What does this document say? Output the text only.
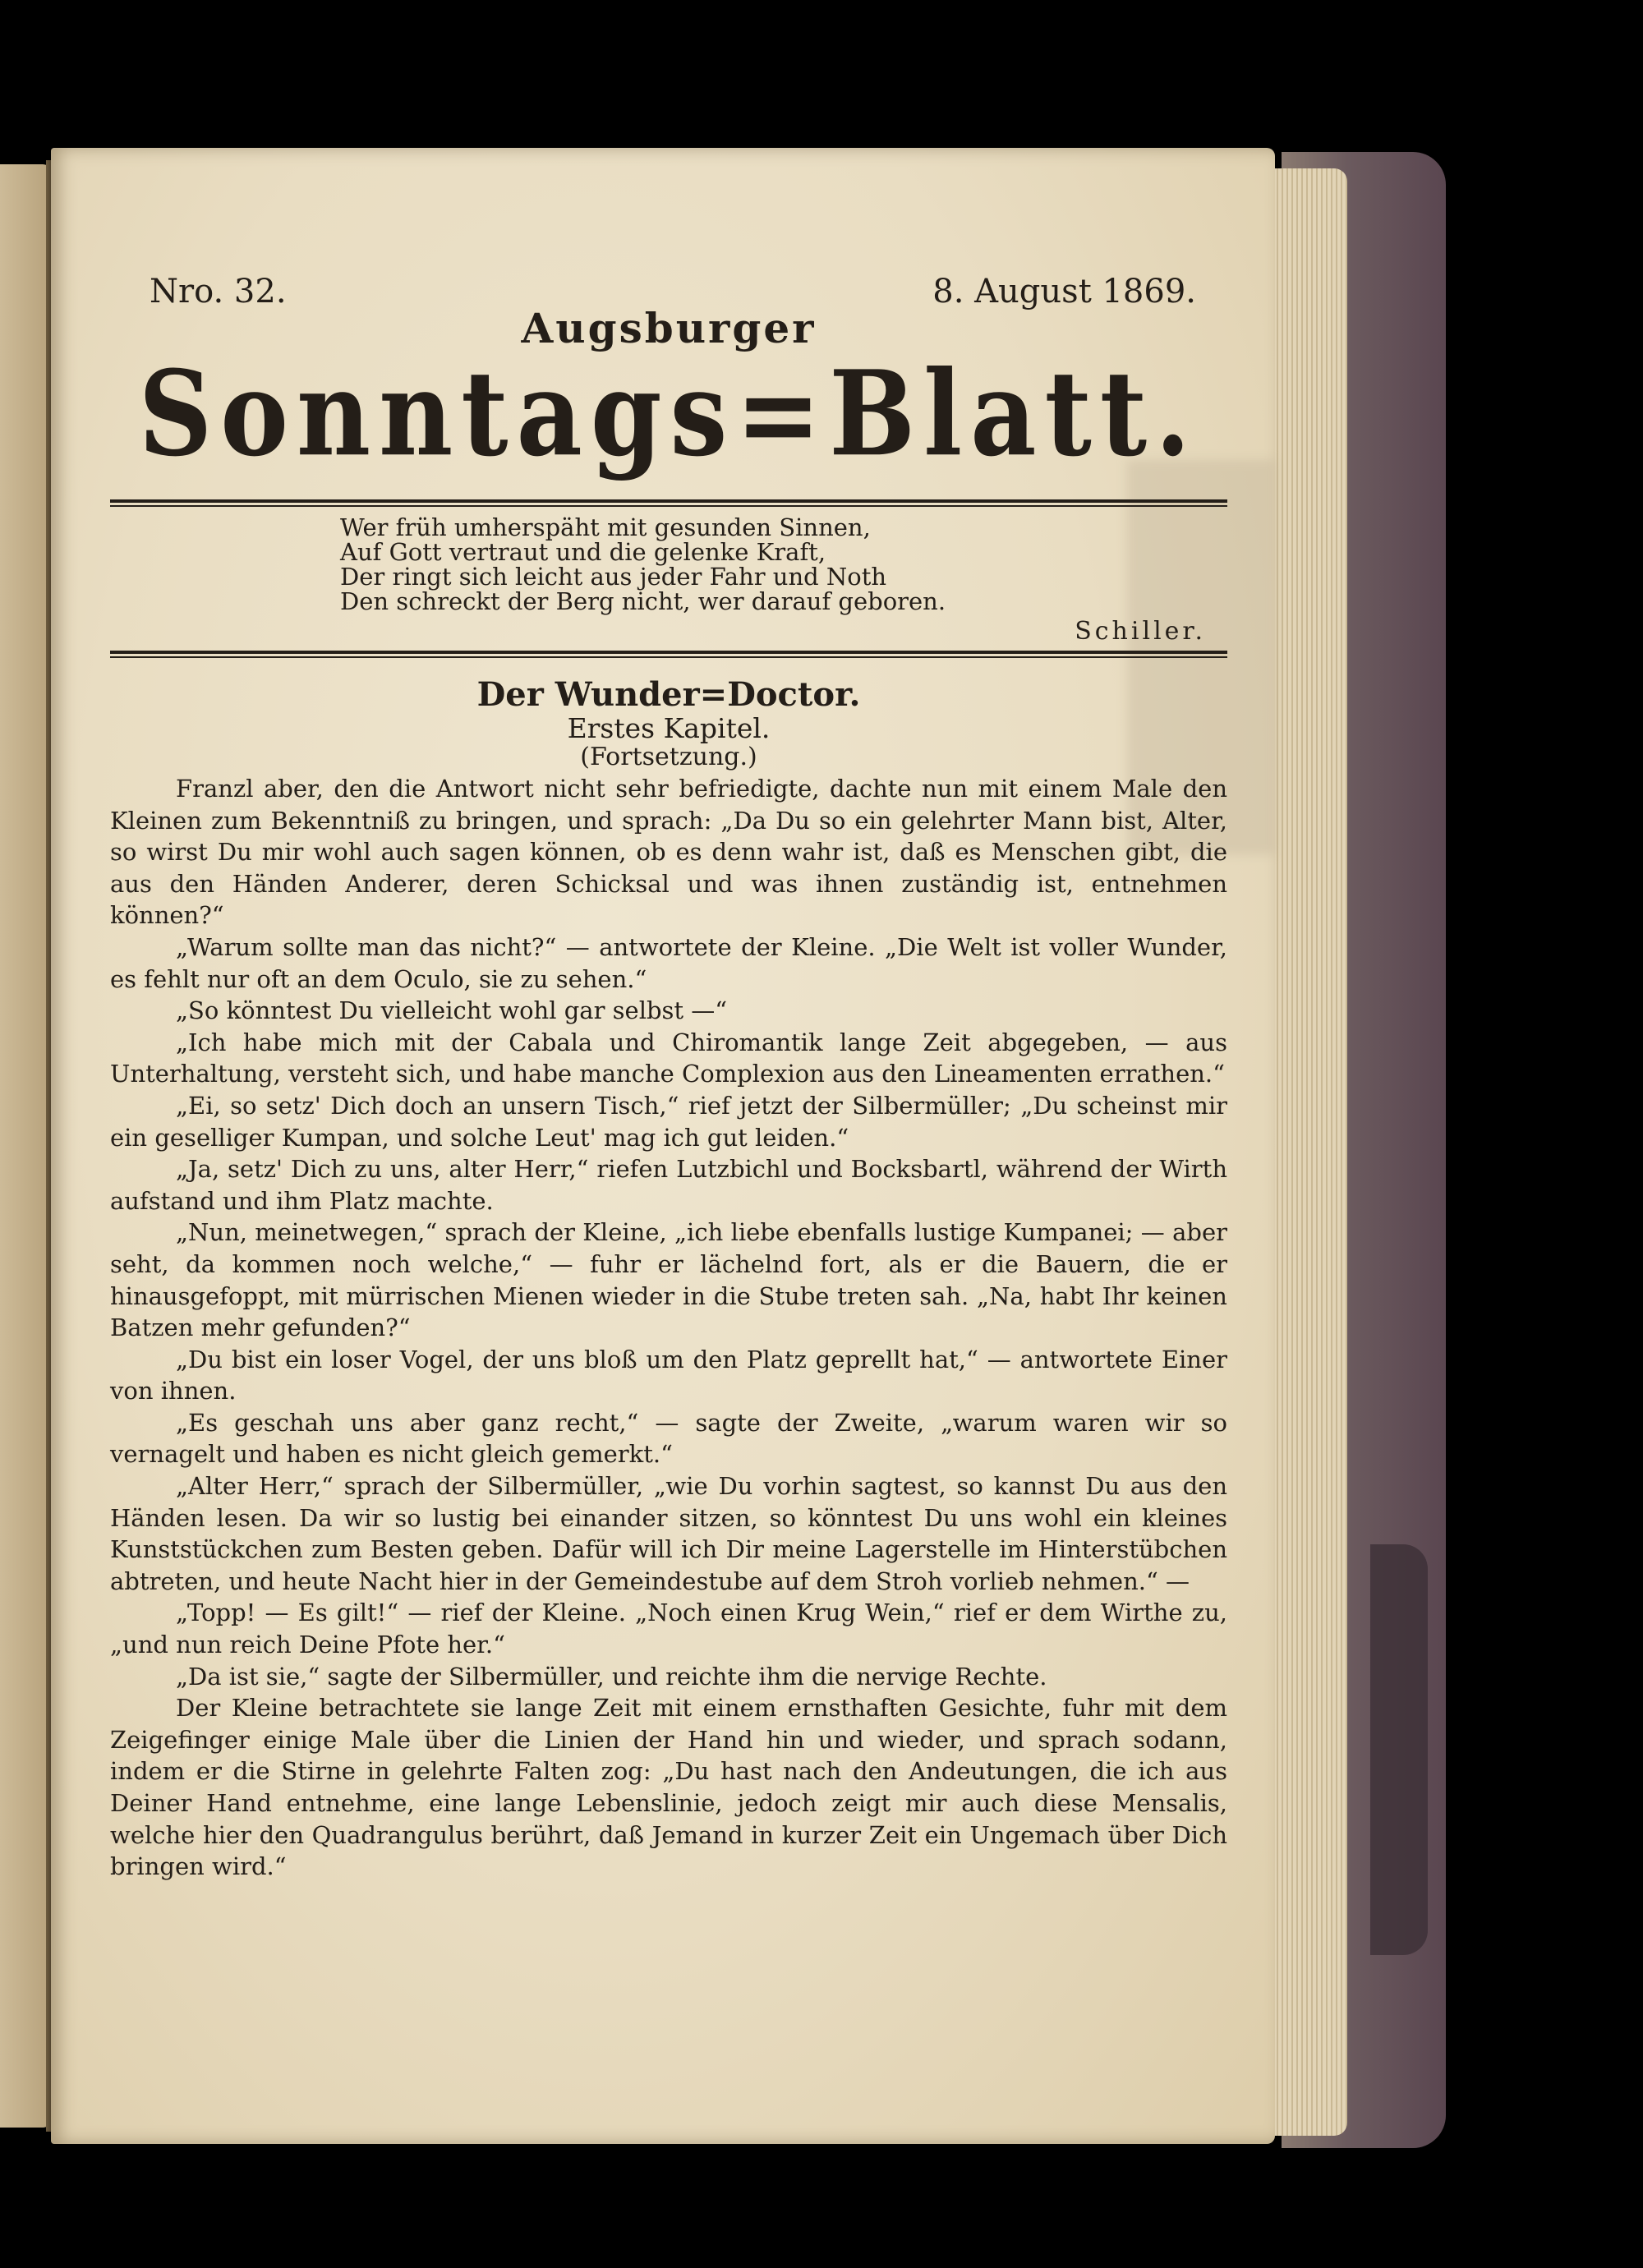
Nro. 32.	8. August 1869.
Augsburger
Sonntags=Blatt.
Wer früh umherspäht mit gesunden Sinnen,
Auf Gott vertraut und die gelenke Kraft,
Der ringt sich leicht aus jeder Fahr und Noth
Den schreckt der Berg nicht, wer darauf geboren.
Schiller.
Der Wunder=Doctor.
Erstes Kapitel.
(Fortsetzung.)

Franzl aber, den die Antwort nicht sehr befriedigte, dachte nun mit einem Male den Kleinen zum Bekenntniß zu bringen, und sprach: „Da Du so ein gelehrter Mann bist, Alter, so wirst Du mir wohl auch sagen können, ob es denn wahr ist, daß es Menschen gibt, die aus den Händen Anderer, deren Schicksal und was ihnen zuständig ist, entnehmen können?“

„Warum sollte man das nicht?“ — antwortete der Kleine. „Die Welt ist voller Wunder, es fehlt nur oft an dem Oculo, sie zu sehen.“

„So könntest Du vielleicht wohl gar selbst —“

„Ich habe mich mit der Cabala und Chiromantik lange Zeit abgegeben, — aus Unterhaltung, versteht sich, und habe manche Complexion aus den Lineamenten errathen.“

„Ei, so setz' Dich doch an unsern Tisch,“ rief jetzt der Silbermüller; „Du scheinst mir ein geselliger Kumpan, und solche Leut' mag ich gut leiden.“

„Ja, setz' Dich zu uns, alter Herr,“ riefen Lutzbichl und Bocksbartl, während der Wirth aufstand und ihm Platz machte.

„Nun, meinetwegen,“ sprach der Kleine, „ich liebe ebenfalls lustige Kumpanei; — aber seht, da kommen noch welche,“ — fuhr er lächelnd fort, als er die Bauern, die er hinausgefoppt, mit mürrischen Mienen wieder in die Stube treten sah. „Na, habt Ihr keinen Batzen mehr gefunden?“

„Du bist ein loser Vogel, der uns bloß um den Platz geprellt hat,“ — antwortete Einer von ihnen.

„Es geschah uns aber ganz recht,“ — sagte der Zweite, „warum waren wir so vernagelt und haben es nicht gleich gemerkt.“

„Alter Herr,“ sprach der Silbermüller, „wie Du vorhin sagtest, so kannst Du aus den Händen lesen. Da wir so lustig bei einander sitzen, so könntest Du uns wohl ein kleines Kunststückchen zum Besten geben. Dafür will ich Dir meine Lagerstelle im Hinterstübchen abtreten, und heute Nacht hier in der Gemeindestube auf dem Stroh vorlieb nehmen.“ —

„Topp! — Es gilt!“ — rief der Kleine. „Noch einen Krug Wein,“ rief er dem Wirthe zu, „und nun reich Deine Pfote her.“

„Da ist sie,“ sagte der Silbermüller, und reichte ihm die nervige Rechte.

Der Kleine betrachtete sie lange Zeit mit einem ernsthaften Gesichte, fuhr mit dem Zeigefinger einige Male über die Linien der Hand hin und wieder, und sprach sodann, indem er die Stirne in gelehrte Falten zog: „Du hast nach den Andeutungen, die ich aus Deiner Hand entnehme, eine lange Lebenslinie, jedoch zeigt mir auch diese Mensalis, welche hier den Quadrangulus berührt, daß Jemand in kurzer Zeit ein Ungemach über Dich bringen wird.“
